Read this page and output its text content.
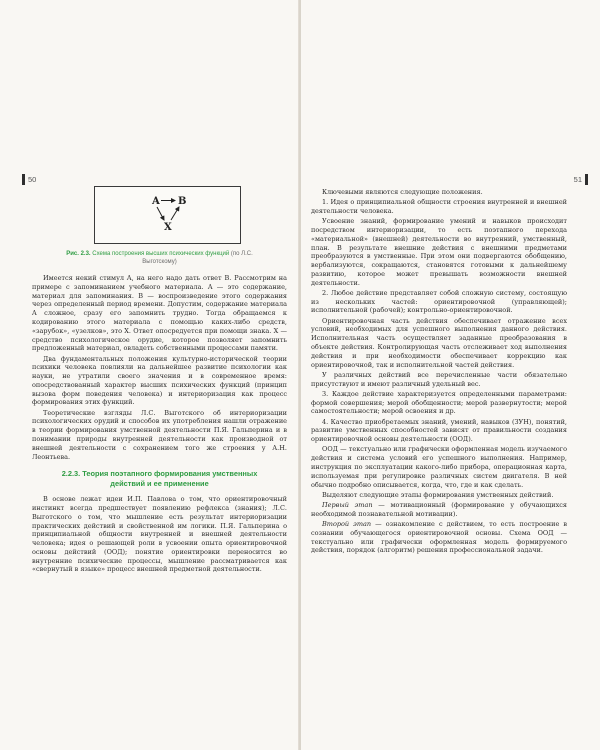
50
A B
X
Рис. 2.3. Схема построения высших психических функций (по Л.С. Выготскому)

Имеется некий стимул A, на него надо дать ответ B. Рассмотрим на примере с запоминанием учебного материала. A — это содержание, материал для запоминания. B — воспроизведение этого содержания через определенный период времени. Допустим, содержание материала A сложное, сразу его запомнить трудно. Тогда обращаемся к кодированию этого материала с помощью каких-либо средств, «зарубок», «узелков», это X. Ответ опосредуется при помощи знака. X — средство психологическое орудие, которое позволяет запомнить предложенный материал, овладеть собственными процессами памяти.

Два фундаментальных положения культурно-исторической теории психики человека повлияли на дальнейшее развитие психологии как науки, не утратили своего значения и в современное время: опосредствованный характер высших психических функций (принцип вызова форм поведения человека) и интериоризация как процесс формирования этих функций.

Теоретические взгляды Л.С. Выготского об интериоризации психологических орудий и способов их употребления нашли отражение в теории формирования умственной деятельности П.Я. Гальперина и в понимании природы внутренней деятельности как производной от внешней деятельности с сохранением того же строения у А.Н. Леонтьева.

2.2.3. Теория поэтапного формирования умственных действий и ее применение

В основе лежат идеи И.П. Павлова о том, что ориентировочный инстинкт всегда предшествует появлению рефлекса (знания); Л.С. Выготского о том, что мышление есть результат интериоризации практических действий и свойственной им логики. П.Я. Гальперина о принципиальной общности внутренней и внешней деятельности человека; идея о решающей роли в усвоении опыта ориентировочной основы действий (ООД); понятие ориентировки переносится во внутренние психические процессы, мышление рассматривается как «свернутый в языке» процесс внешней предметной деятельности.

51

Ключевыми являются следующие положения.

1. Идея о принципиальной общности строения внутренней и внешней деятельности человека.

Усвоение знаний, формирование умений и навыков происходит посредством интериоризации, то есть поэтапного перехода «материальной» (внешней) деятельности во внутренний, умственный, план. В результате внешние действия с внешними предметами преобразуются в умственные. При этом они подвергаются обобщению, вербализуются, сокращаются, становятся готовыми к дальнейшему развитию, которое может превышать возможности внешней деятельности.

2. Любое действие представляет собой сложную систему, состоящую из нескольких частей: ориентировочной (управляющей); исполнительной (рабочей); контрольно-ориентировочной.

Ориентировочная часть действия обеспечивает отражение всех условий, необходимых для успешного выполнения данного действия. Исполнительная часть осуществляет заданные преобразования в объекте действия. Контролирующая часть отслеживает ход выполнения действия и при необходимости обеспечивает коррекцию как ориентировочной, так и исполнительной частей действия.

У различных действий все перечисленные части обязательно присутствуют и имеют различный удельный вес.

3. Каждое действие характеризуется определенными параметрами: формой совершения; мерой обобщенности; мерой развернутости; мерой самостоятельности; мерой освоения и др.

4. Качество приобретаемых знаний, умений, навыков (ЗУН), понятий, развитие умственных способностей зависят от правильности создания ориентировочной основы деятельности (ООД).

ООД — текстуально или графически оформленная модель изучаемого действия и система условий его успешного выполнения. Например, инструкция по эксплуатации какого-либо прибора, операционная карта, используемая при регулировке различных систем двигателя. В ней обычно подробно описывается, когда, что, где и как сделать.

Выделяют следующие этапы формирования умственных действий.

Первый этап — мотивационный (формирование у обучающихся необходимой познавательной мотивации).

Второй этап — ознакомление с действием, то есть построение в сознании обучающегося ориентировочной основы. Схема ООД — текстуально или графически оформленная модель формируемого действия, порядок (алгоритм) решения профессиональной задачи.
